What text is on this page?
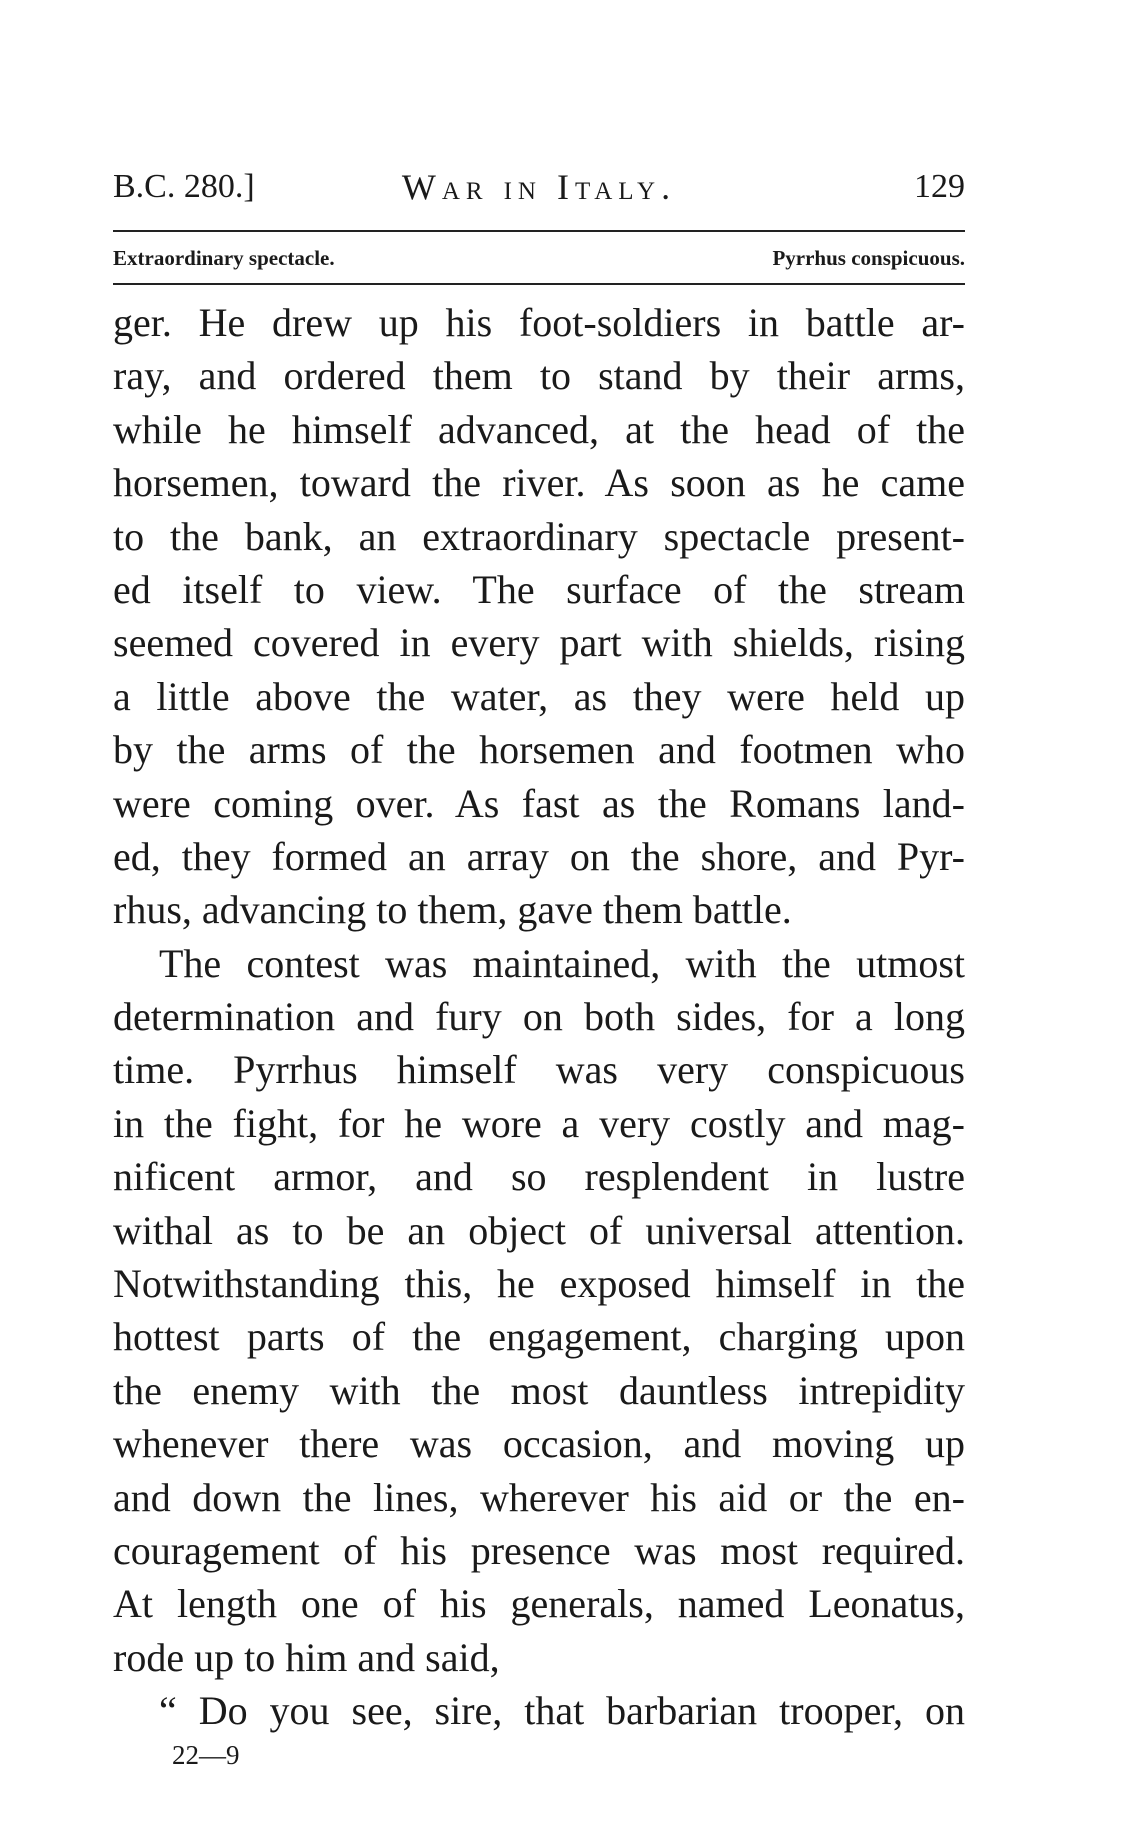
B.C. 280.]	War in Italy.	129
Extraordinary spectacle.	Pyrrhus conspicuous.
ger. He drew up his foot-soldiers in battle ar-
ray, and ordered them to stand by their arms,
while he himself advanced, at the head of the
horsemen, toward the river. As soon as he came
to the bank, an extraordinary spectacle present-
ed itself to view. The surface of the stream
seemed covered in every part with shields, rising
a little above the water, as they were held up
by the arms of the horsemen and footmen who
were coming over. As fast as the Romans land-
ed, they formed an array on the shore, and Pyr-
rhus, advancing to them, gave them battle.
The contest was maintained, with the utmost
determination and fury on both sides, for a long
time. Pyrrhus himself was very conspicuous
in the fight, for he wore a very costly and mag-
nificent armor, and so resplendent in lustre
withal as to be an object of universal attention.
Notwithstanding this, he exposed himself in the
hottest parts of the engagement, charging upon
the enemy with the most dauntless intrepidity
whenever there was occasion, and moving up
and down the lines, wherever his aid or the en-
couragement of his presence was most required.
At length one of his generals, named Leonatus,
rode up to him and said,
“ Do you see, sire, that barbarian trooper, on
22—9
